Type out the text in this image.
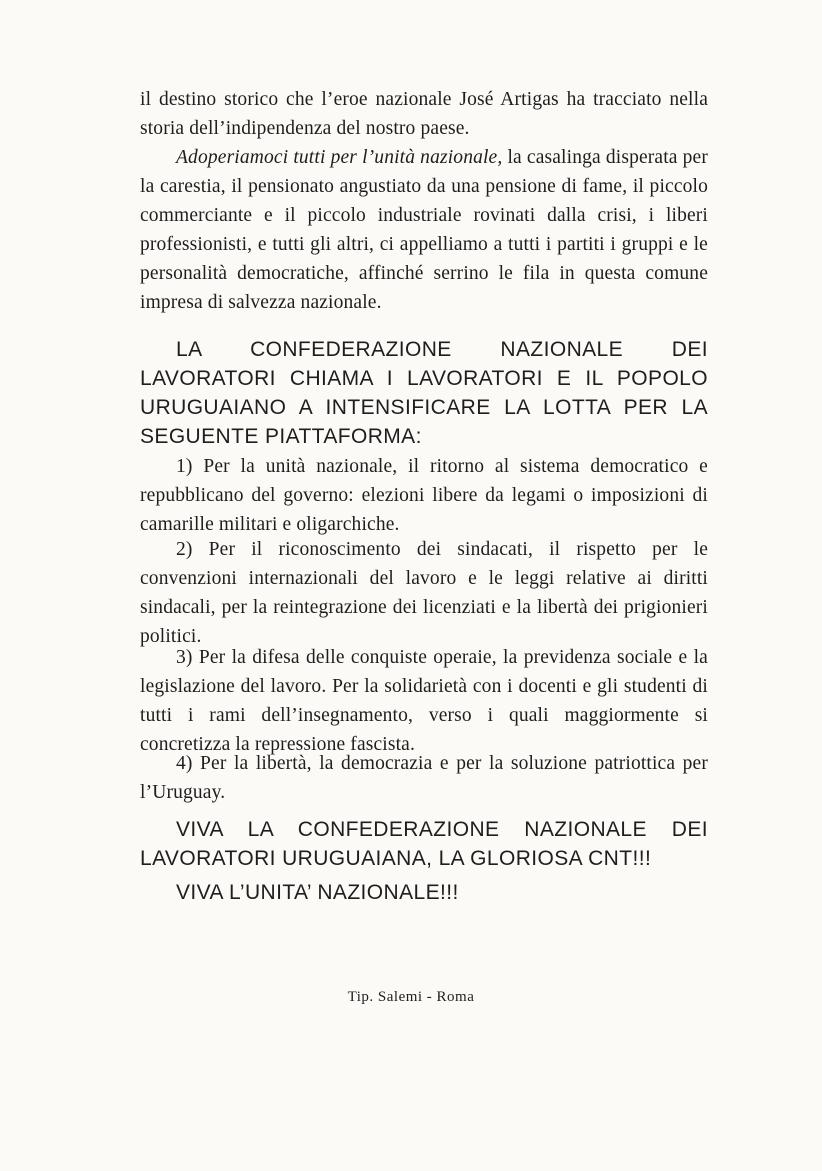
il destino storico che l’eroe nazionale José Artigas ha tracciato nella storia dell’indipendenza del nostro paese.

Adoperiamoci tutti per l’unità nazionale, la casalinga disperata per la carestia, il pensionato angustiato da una pensione di fame, il piccolo commerciante e il piccolo industriale rovinati dalla crisi, i liberi professionisti, e tutti gli altri, ci appelliamo a tutti i partiti i gruppi e le personalità democratiche, affinché serrino le fila in questa comune impresa di salvezza nazionale.

LA CONFEDERAZIONE NAZIONALE DEI LAVORATORI CHIAMA I LAVORATORI E IL POPOLO URUGUAIANO A INTENSIFICARE LA LOTTA PER LA SEGUENTE PIATTAFORMA:

1) Per la unità nazionale, il ritorno al sistema democratico e repubblicano del governo: elezioni libere da legami o imposizioni di camarille militari e oligarchiche.

2) Per il riconoscimento dei sindacati, il rispetto per le convenzioni internazionali del lavoro e le leggi relative ai diritti sindacali, per la reintegrazione dei licenziati e la libertà dei prigionieri politici.

3) Per la difesa delle conquiste operaie, la previdenza sociale e la legislazione del lavoro. Per la solidarietà con i docenti e gli studenti di tutti i rami dell’insegnamento, verso i quali maggiormente si concretizza la repressione fascista.

4) Per la libertà, la democrazia e per la soluzione patriottica per l’Uruguay.

VIVA LA CONFEDERAZIONE NAZIONALE DEI LAVORATORI URUGUAIANA, LA GLORIOSA CNT!!!

VIVA L’UNITA’ NAZIONALE!!!

Tip. Salemi - Roma
